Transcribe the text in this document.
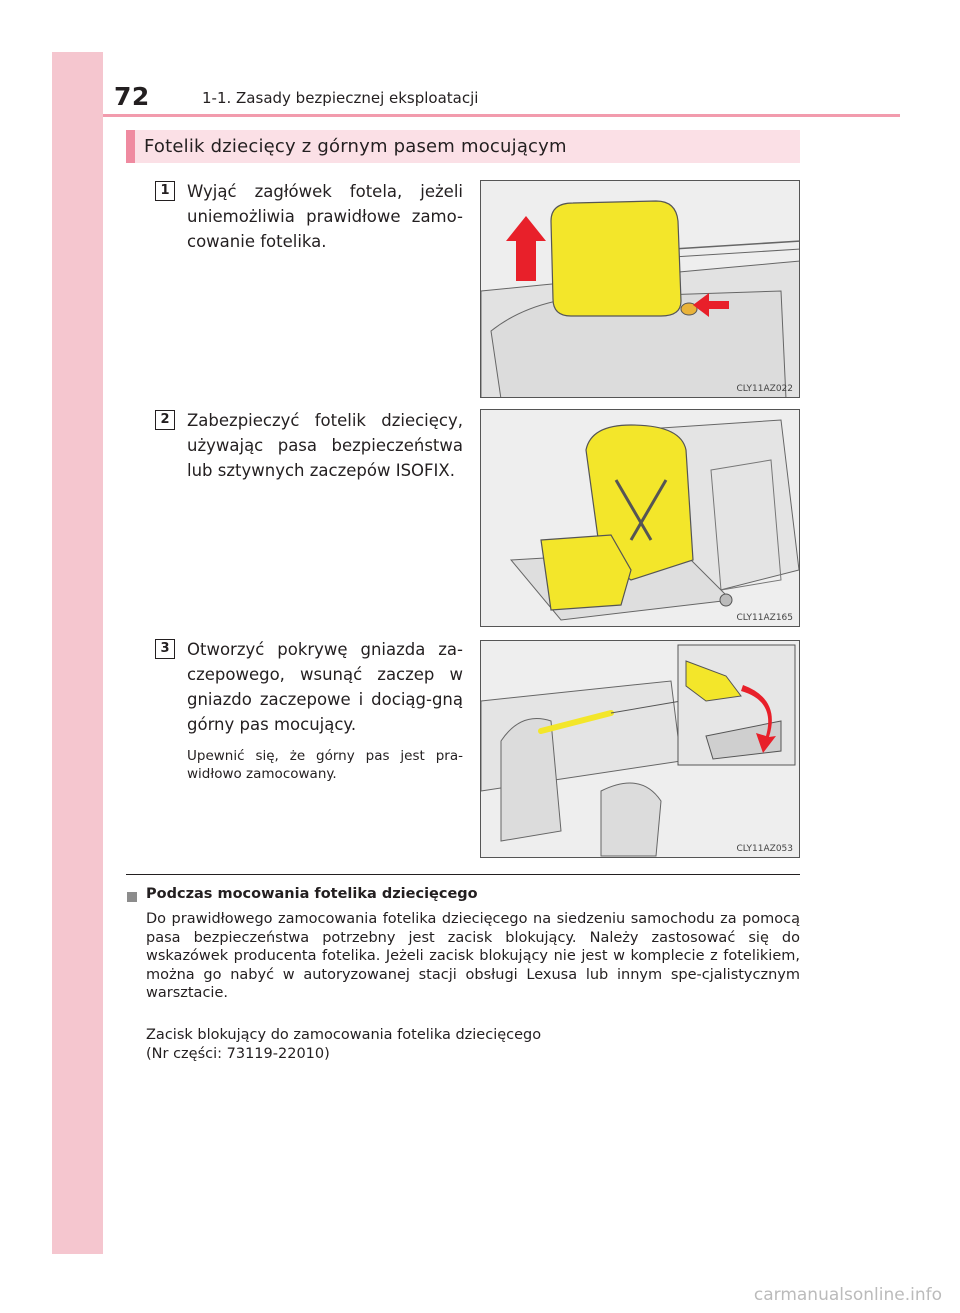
72	1-1. Zasady bezpiecznej eksploatacji
Fotelik dziecięcy z górnym pasem mocującym
1	Wyjąć zagłówek fotela, jeżeli uniemożliwia prawidłowe zamo-cowanie fotelika.
CLY11AZ022
2	Zabezpieczyć fotelik dziecięcy, używając pasa bezpieczeństwa lub sztywnych zaczepów ISOFIX.
CLY11AZ165
3	Otworzyć pokrywę gniazda za-czepowego, wsunąć zaczep w gniazdo zaczepowe i dociąg-gną górny pas mocujący.
Upewnić się, że górny pas jest pra-widłowo zamocowany.
CLY11AZ053
Podczas mocowania fotelika dziecięcego
Do prawidłowego zamocowania fotelika dziecięcego na siedzeniu samochodu za pomocą pasa bezpieczeństwa potrzebny jest zacisk blokujący. Należy zastosować się do wskazówek producenta fotelika. Jeżeli zacisk blokujący nie jest w komplecie z fotelikiem, można go nabyć w autoryzowanej stacji obsługi Lexusa lub innym spe-cjalistycznym warsztacie.
Zacisk blokujący do zamocowania fotelika dziecięcego
(Nr części: 73119-22010)
carmanualsonline.info
